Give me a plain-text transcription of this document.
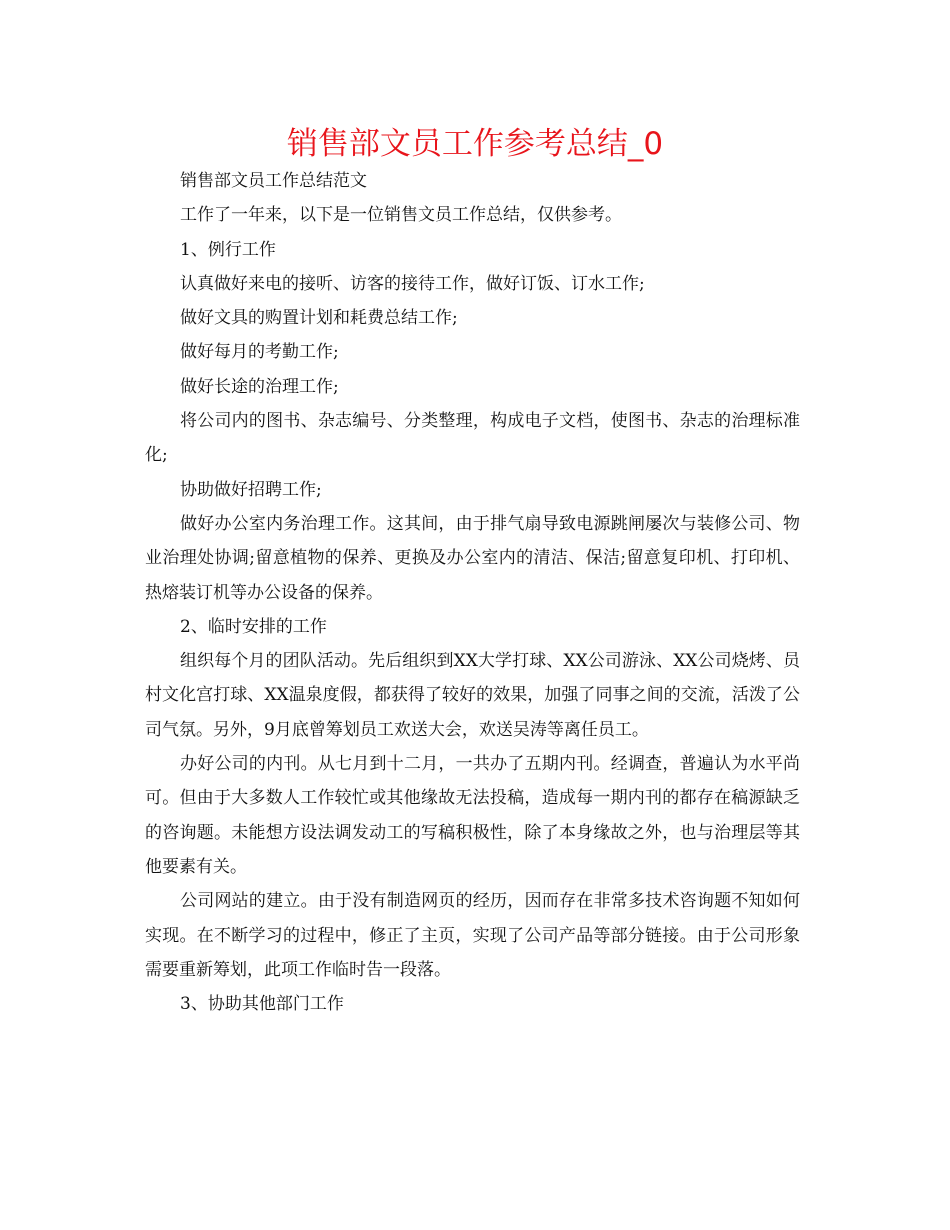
销售部文员工作参考总结_0

销售部文员工作总结范文

工作了一年来，以下是一位销售文员工作总结，仅供参考。

1、例行工作

认真做好来电的接听、访客的接待工作，做好订饭、订水工作;

做好文具的购置计划和耗费总结工作;

做好每月的考勤工作;

做好长途的治理工作;

将公司内的图书、杂志编号、分类整理，构成电子文档，使图书、杂志的治理标准化;

协助做好招聘工作;

做好办公室内务治理工作。这其间，由于排气扇导致电源跳闸屡次与装修公司、物业治理处协调;留意植物的保养、更换及办公室内的清洁、保洁;留意复印机、打印机、热熔装订机等办公设备的保养。

2、临时安排的工作

组织每个月的团队活动。先后组织到XX大学打球、XX公司游泳、XX公司烧烤、员村文化宫打球、XX温泉度假，都获得了较好的效果，加强了同事之间的交流，活泼了公司气氛。另外，9月底曾筹划员工欢送大会，欢送吴涛等离任员工。

办好公司的内刊。从七月到十二月，一共办了五期内刊。经调查，普遍认为水平尚可。但由于大多数人工作较忙或其他缘故无法投稿，造成每一期内刊的都存在稿源缺乏的咨询题。未能想方设法调发动工的写稿积极性，除了本身缘故之外，也与治理层等其他要素有关。

公司网站的建立。由于没有制造网页的经历，因而存在非常多技术咨询题不知如何实现。在不断学习的过程中，修正了主页，实现了公司产品等部分链接。由于公司形象需要重新筹划，此项工作临时告一段落。

3、协助其他部门工作
